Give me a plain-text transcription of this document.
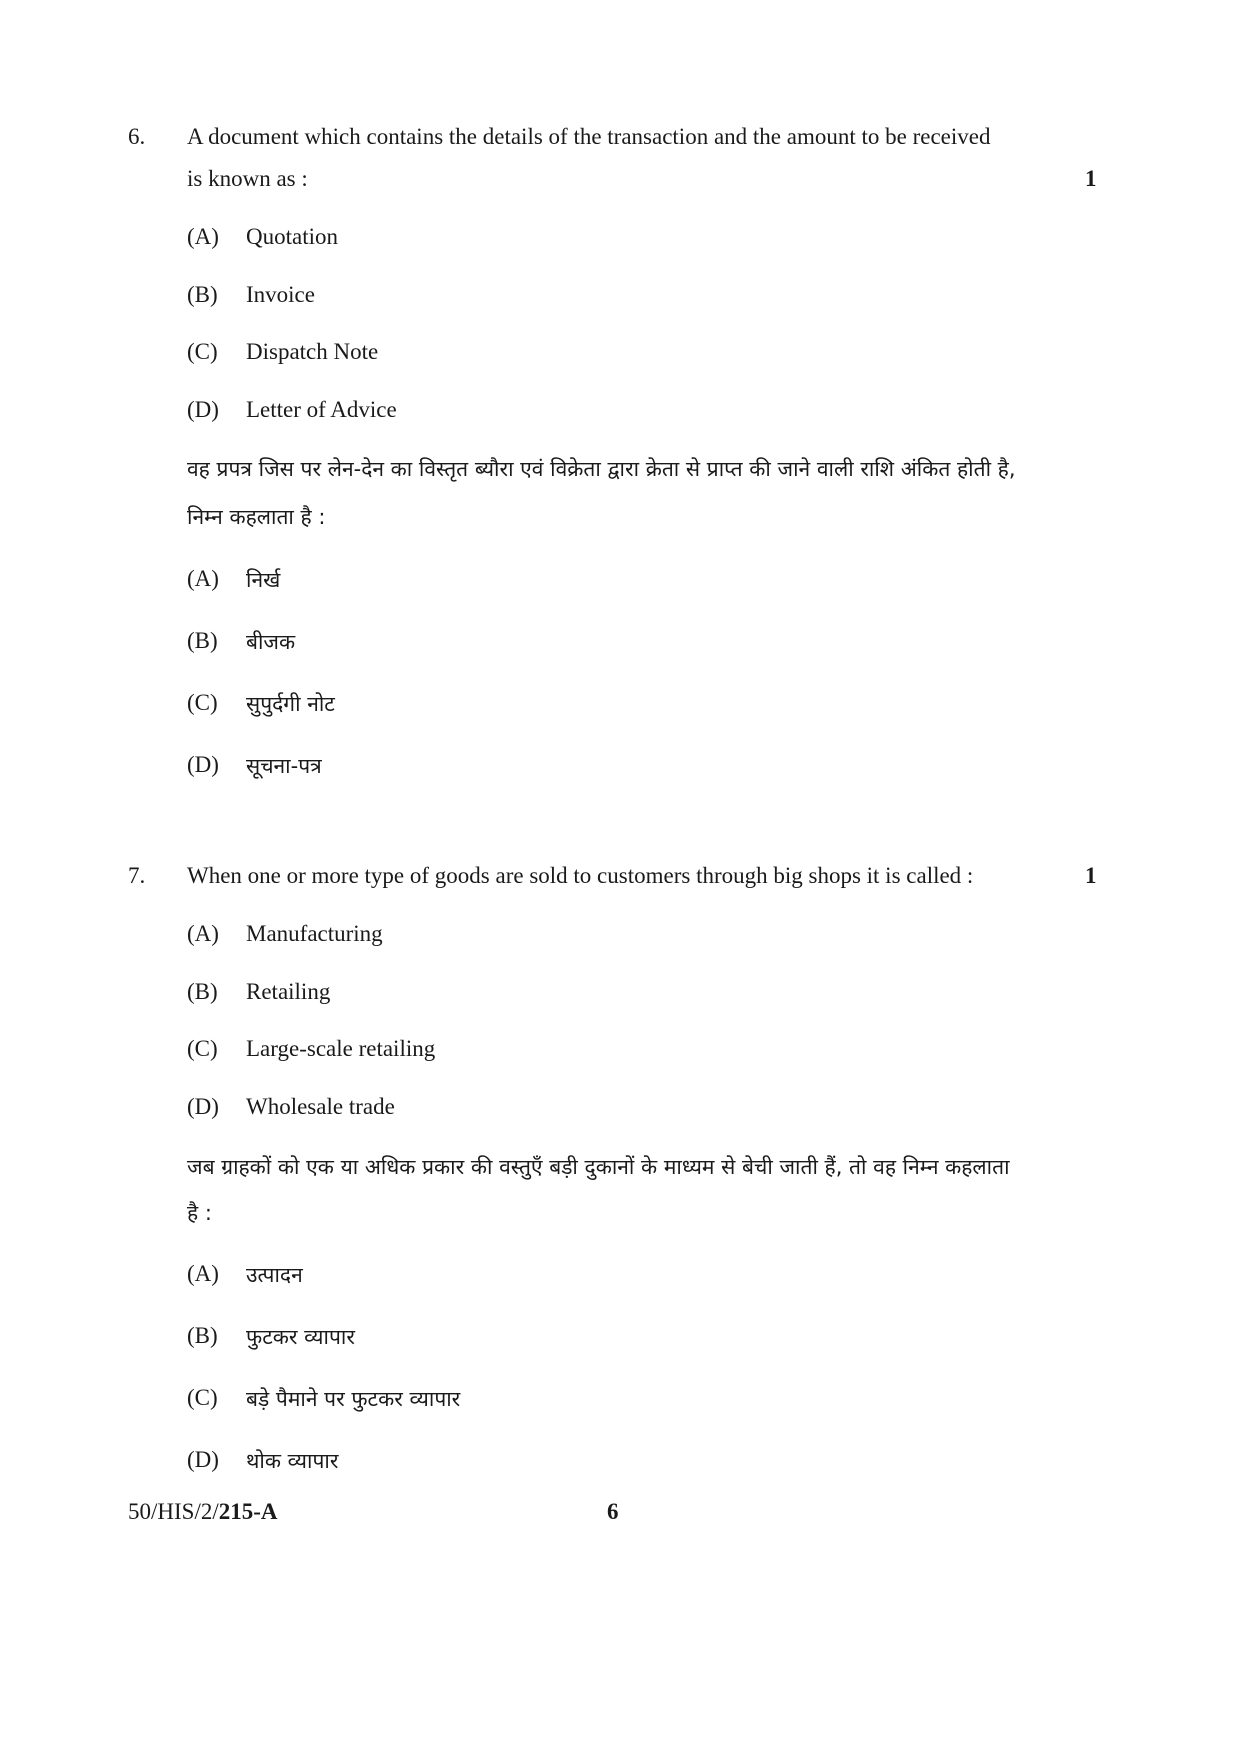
6. A document which contains the details of the transaction and the amount to be received
is known as :	1
(A) Quotation
(B) Invoice
(C) Dispatch Note
(D) Letter of Advice
वह प्रपत्र जिस पर लेन-देन का विस्तृत ब्यौरा एवं विक्रेता द्वारा क्रेता से प्राप्त की जाने वाली राशि अंकित होती है,
निम्न कहलाता है :
(A) निर्ख
(B) बीजक
(C) सुपुर्दगी नोट
(D) सूचना-पत्र
7. When one or more type of goods are sold to customers through big shops it is called :	1
(A) Manufacturing
(B) Retailing
(C) Large-scale retailing
(D) Wholesale trade
जब ग्राहकों को एक या अधिक प्रकार की वस्तुएँ बड़ी दुकानों के माध्यम से बेची जाती हैं, तो वह निम्न कहलाता
है :
(A) उत्पादन
(B) फुटकर व्यापार
(C) बड़े पैमाने पर फुटकर व्यापार
(D) थोक व्यापार
50/HIS/2/215-A	6
